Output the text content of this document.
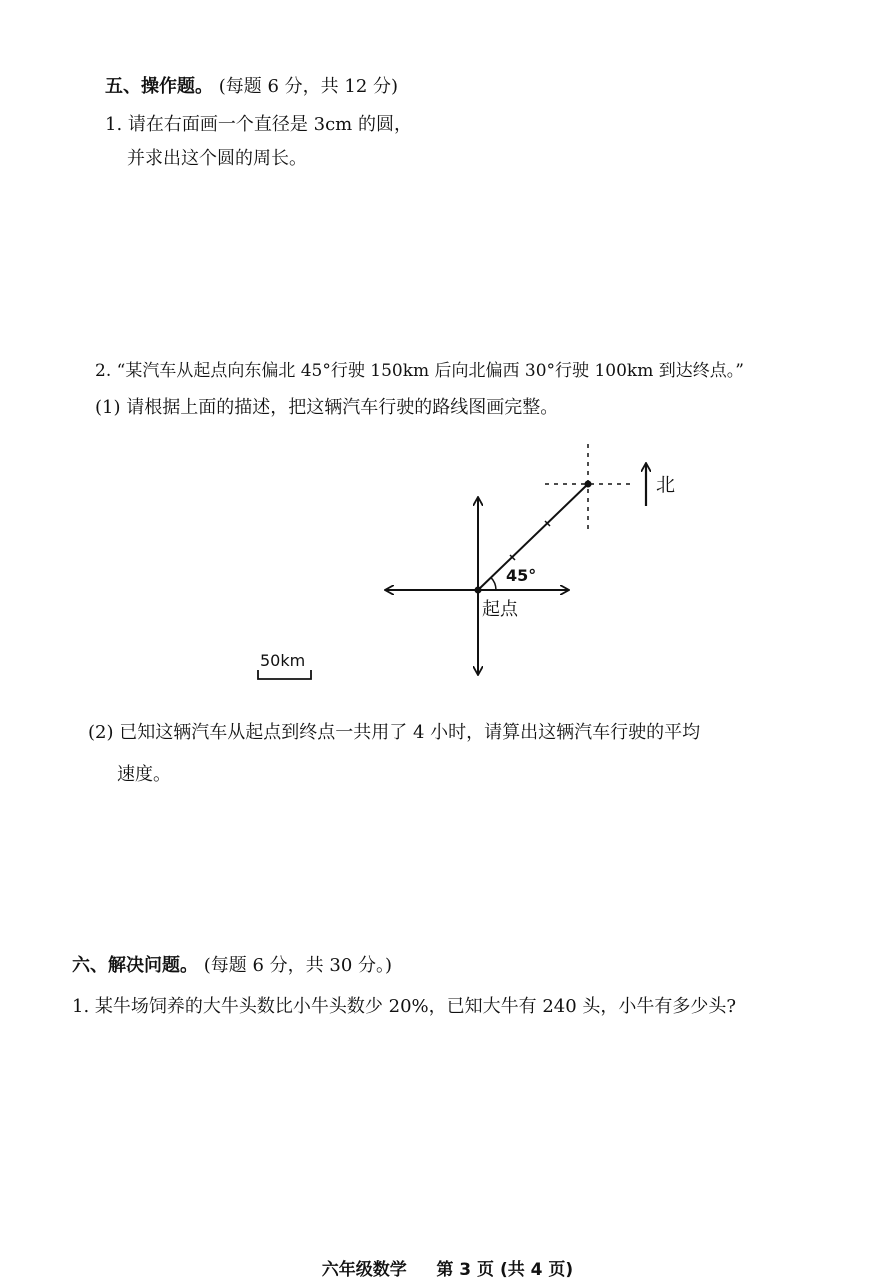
五、操作题。 (每题 6 分，共 12 分)
1. 请在右面画一个直径是 3cm 的圆，
并求出这个圆的周长。
2. “某汽车从起点向东偏北 45°行驶 150km 后向北偏西 30°行驶 100km 到达终点。”
(1) 请根据上面的描述，把这辆汽车行驶的路线图画完整。
45°
起点
北
50km
(2) 已知这辆汽车从起点到终点一共用了 4 小时，请算出这辆汽车行驶的平均
速度。
六、解决问题。 (每题 6 分，共 30 分。)
1. 某牛场饲养的大牛头数比小牛头数少 20%，已知大牛有 240 头，小牛有多少头?
六年级数学 第 3 页 (共 4 页)
